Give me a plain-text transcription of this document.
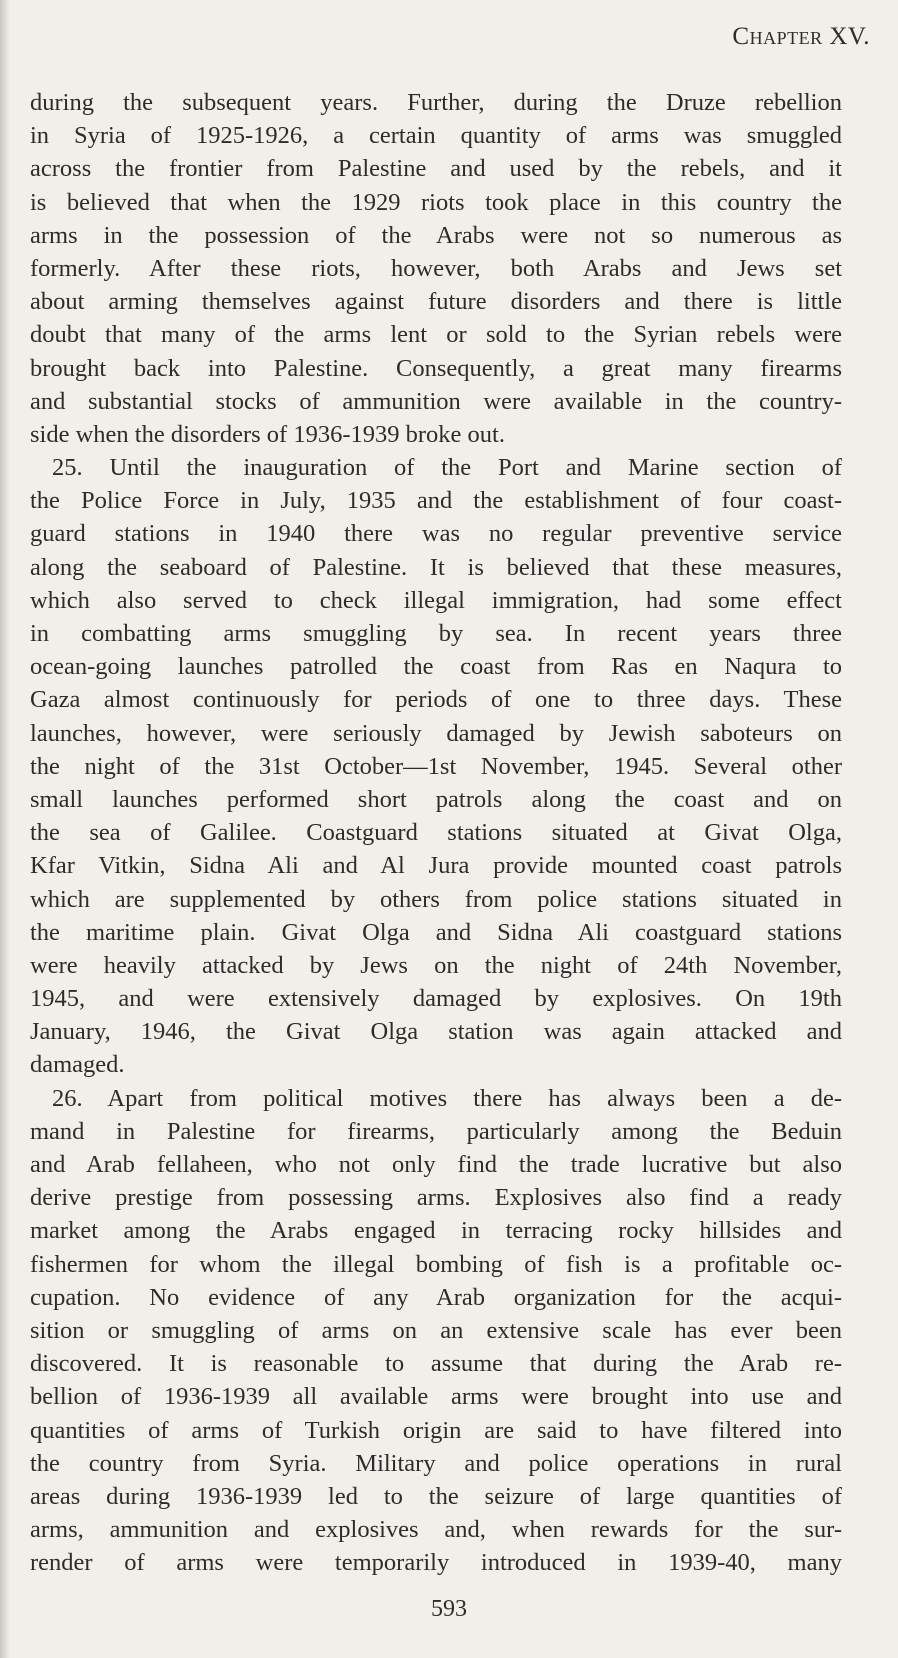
Chapter XV.
during the subsequent years. Further, during the Druze rebellion
in Syria of 1925-1926, a certain quantity of arms was smuggled
across the frontier from Palestine and used by the rebels, and it
is believed that when the 1929 riots took place in this country the
arms in the possession of the Arabs were not so numerous as
formerly. After these riots, however, both Arabs and Jews set
about arming themselves against future disorders and there is little
doubt that many of the arms lent or sold to the Syrian rebels were
brought back into Palestine. Consequently, a great many firearms
and substantial stocks of ammunition were available in the country-
side when the disorders of 1936-1939 broke out.
25. Until the inauguration of the Port and Marine section of
the Police Force in July, 1935 and the establishment of four coast-
guard stations in 1940 there was no regular preventive service
along the seaboard of Palestine. It is believed that these measures,
which also served to check illegal immigration, had some effect
in combatting arms smuggling by sea. In recent years three
ocean-going launches patrolled the coast from Ras en Naqura to
Gaza almost continuously for periods of one to three days. These
launches, however, were seriously damaged by Jewish saboteurs on
the night of the 31st October—1st November, 1945. Several other
small launches performed short patrols along the coast and on
the sea of Galilee. Coastguard stations situated at Givat Olga,
Kfar Vitkin, Sidna Ali and Al Jura provide mounted coast patrols
which are supplemented by others from police stations situated in
the maritime plain. Givat Olga and Sidna Ali coastguard stations
were heavily attacked by Jews on the night of 24th November,
1945, and were extensively damaged by explosives. On 19th
January, 1946, the Givat Olga station was again attacked and
damaged.
26. Apart from political motives there has always been a de-
mand in Palestine for firearms, particularly among the Beduin
and Arab fellaheen, who not only find the trade lucrative but also
derive prestige from possessing arms. Explosives also find a ready
market among the Arabs engaged in terracing rocky hillsides and
fishermen for whom the illegal bombing of fish is a profitable oc-
cupation. No evidence of any Arab organization for the acqui-
sition or smuggling of arms on an extensive scale has ever been
discovered. It is reasonable to assume that during the Arab re-
bellion of 1936-1939 all available arms were brought into use and
quantities of arms of Turkish origin are said to have filtered into
the country from Syria. Military and police operations in rural
areas during 1936-1939 led to the seizure of large quantities of
arms, ammunition and explosives and, when rewards for the sur-
render of arms were temporarily introduced in 1939-40, many
593
